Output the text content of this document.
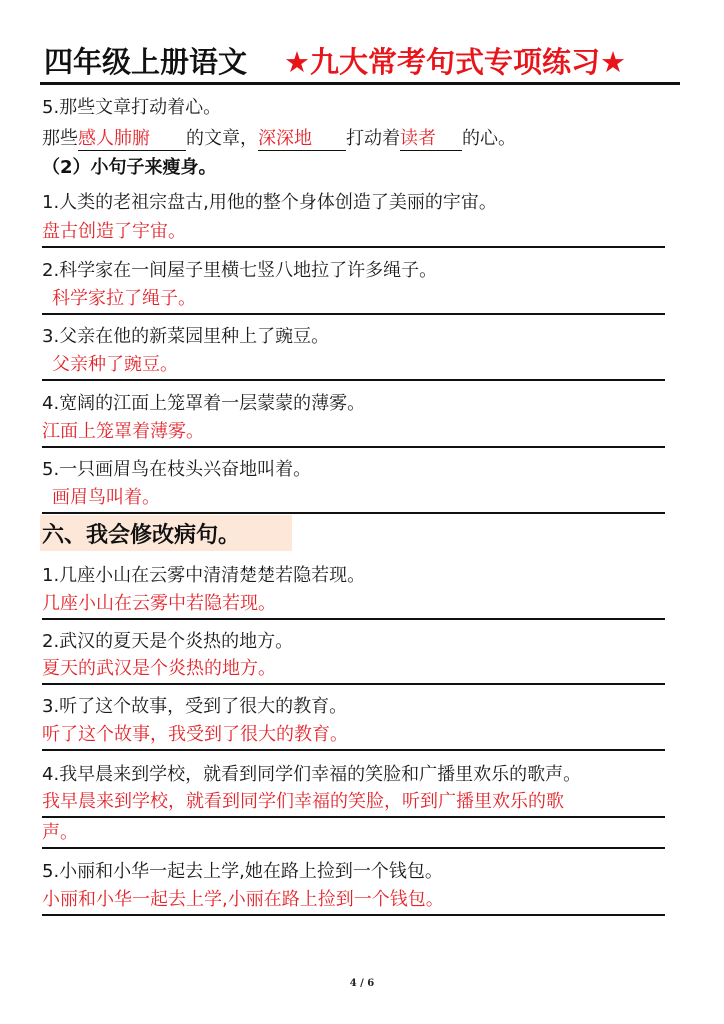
四年级上册语文 ★九大常考句式专项练习★
5.那些文章打动着心。
那些感人肺腑 的文章，深深地 打动着读者 的心。
（2）小句子来瘦身。
1.人类的老祖宗盘古,用他的整个身体创造了美丽的宇宙。
盘古创造了宇宙。
2.科学家在一间屋子里横七竖八地拉了许多绳子。
科学家拉了绳子。
3.父亲在他的新菜园里种上了豌豆。
父亲种了豌豆。
4.宽阔的江面上笼罩着一层蒙蒙的薄雾。
江面上笼罩着薄雾。
5.一只画眉鸟在枝头兴奋地叫着。
画眉鸟叫着。
六、我会修改病句。
1.几座小山在云雾中清清楚楚若隐若现。
几座小山在云雾中若隐若现。
2.武汉的夏天是个炎热的地方。
夏天的武汉是个炎热的地方。
3.听了这个故事，受到了很大的教育。
听了这个故事，我受到了很大的教育。
4.我早晨来到学校，就看到同学们幸福的笑脸和广播里欢乐的歌声。
我早晨来到学校，就看到同学们幸福的笑脸，听到广播里欢乐的歌
声。
5.小丽和小华一起去上学,她在路上捡到一个钱包。
小丽和小华一起去上学,小丽在路上捡到一个钱包。
4 / 6
